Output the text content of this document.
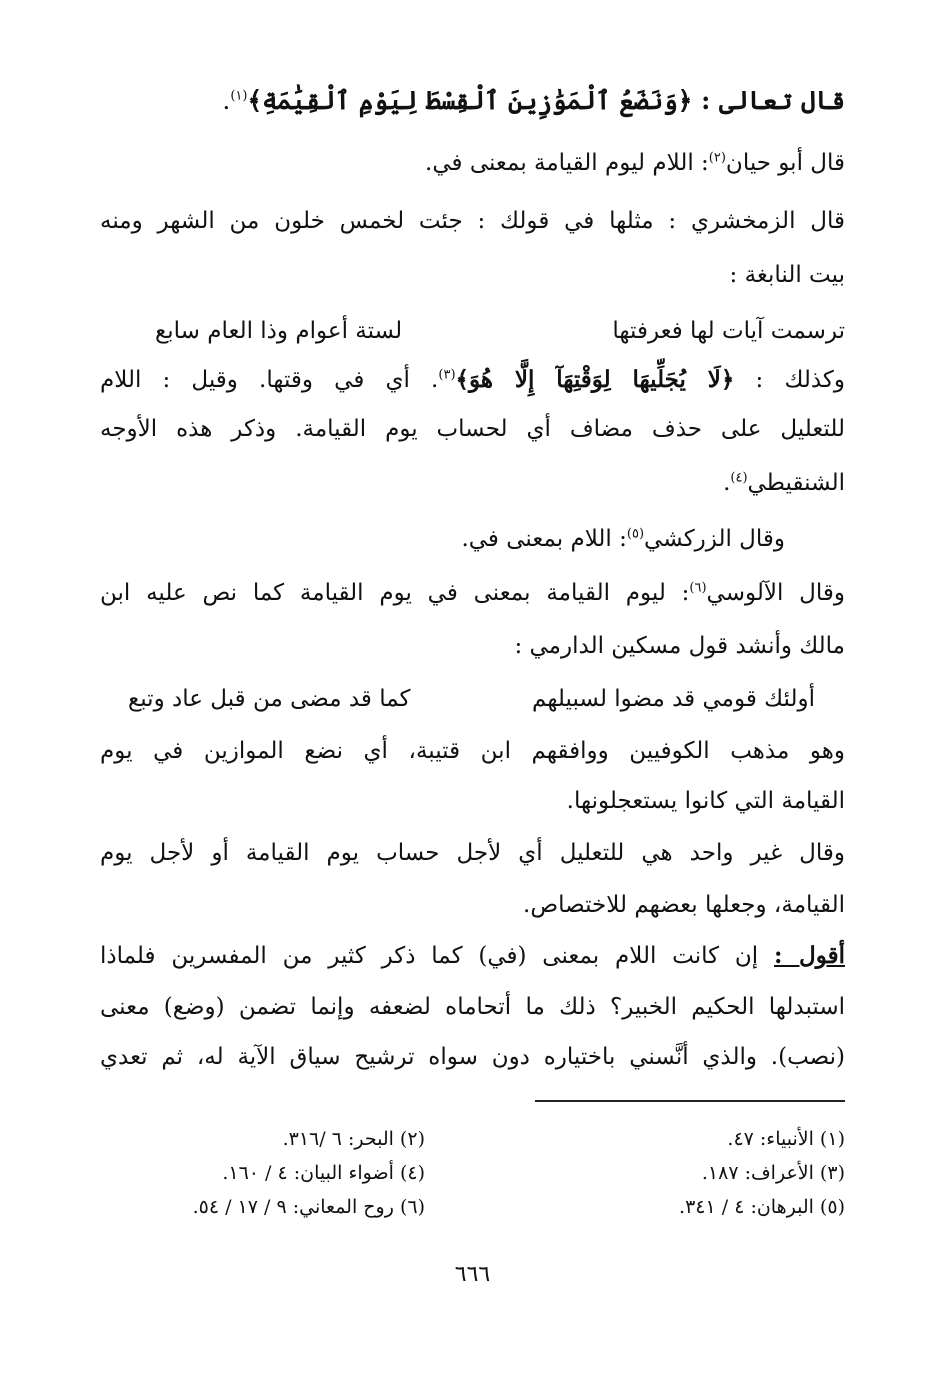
قال تعالى : ﴿وَنَضَعُ ٱلْمَوَٰزِينَ ٱلْقِسْطَ لِيَوْمِ ٱلْقِيَٰمَةِ﴾$^{(١)}$.
قال أبو حيان$^{(٢)}$: اللام ليوم القيامة بمعنى في.
قال الزمخشري : مثلها في قولك : جئت لخمس خلون من الشهر ومنه
بيت النابغة :
ترسمت آيات لها فعرفتها
لستة أعوام وذا العام سابع
وكذلك : ﴿لَا يُجَلِّيهَا لِوَقْتِهَآ إِلَّا هُوَ﴾$^{(٣)}$. أي في وقتها. وقيل : اللام
للتعليل على حذف مضاف أي لحساب يوم القيامة. وذكر هذه الأوجه
الشنقيطي$^{(٤)}$.
وقال الزركشي$^{(٥)}$: اللام بمعنى في.
وقال الآلوسي$^{(٦)}$: ليوم القيامة بمعنى في يوم القيامة كما نص عليه ابن
مالك وأنشد قول مسكين الدارمي :
أولئك قومي قد مضوا لسبيلهم
كما قد مضى من قبل عاد وتبع
وهو مذهب الكوفيين ووافقهم ابن قتيبة، أي نضع الموازين في يوم
القيامة التي كانوا يستعجلونها.
وقال غير واحد هي للتعليل أي لأجل حساب يوم القيامة أو لأجل يوم
القيامة، وجعلها بعضهم للاختصاص.
أقول : إن كانت اللام بمعنى (في) كما ذكر كثير من المفسرين فلماذا
استبدلها الحكيم الخبير؟ ذلك ما أتحاماه لضعفه وإنما تضمن (وضع) معنى
(نصب). والذي أنَّسني باختياره دون سواه ترشيح سياق الآية له، ثم تعدي
(١) الأنبياء: ٤٧.
(٢) البحر: ٦ /٣١٦.
(٣) الأعراف: ١٨٧.
(٤) أضواء البيان: ٤ / ١٦٠.
(٥) البرهان: ٤ / ٣٤١.
(٦) روح المعاني: ٩ / ١٧ / ٥٤.
٦٦٦
